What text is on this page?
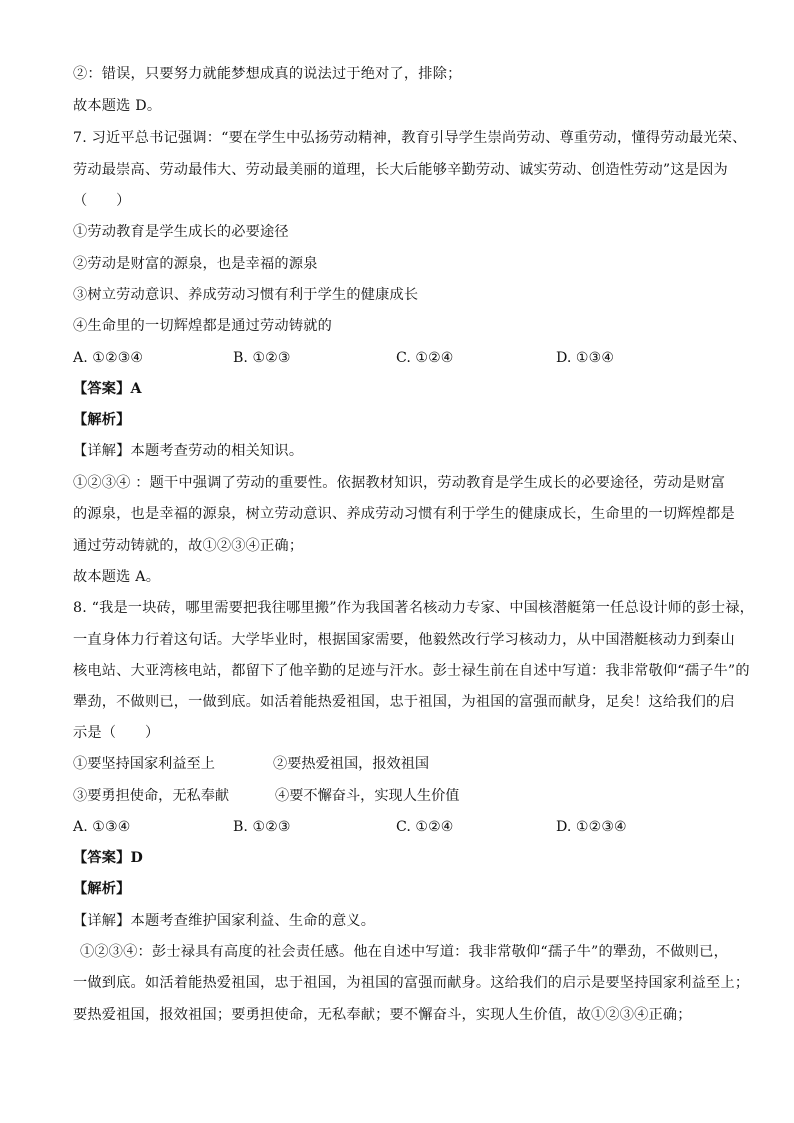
②：错误，只要努力就能梦想成真的说法过于绝对了，排除；
故本题选 D。
7. 习近平总书记强调：“要在学生中弘扬劳动精神，教育引导学生崇尚劳动、尊重劳动，懂得劳动最光荣、
劳动最崇高、劳动最伟大、劳动最美丽的道理，长大后能够辛勤劳动、诚实劳动、创造性劳动”这是因为
（　　）
①劳动教育是学生成长的必要途径
②劳动是财富的源泉，也是幸福的源泉
③树立劳动意识、养成劳动习惯有利于学生的健康成长
④生命里的一切辉煌都是通过劳动铸就的
A. ①②③④	B. ①②③	C. ①②④	D. ①③④
【答案】A
【解析】
【详解】本题考查劳动的相关知识。
①②③④ ：题干中强调了劳动的重要性。依据教材知识，劳动教育是学生成长的必要途径，劳动是财富
的源泉，也是幸福的源泉，树立劳动意识、养成劳动习惯有利于学生的健康成长，生命里的一切辉煌都是
通过劳动铸就的，故①②③④正确；
故本题选 A。
8. “我是一块砖，哪里需要把我往哪里搬”作为我国著名核动力专家、中国核潜艇第一任总设计师的彭士禄，
一直身体力行着这句话。大学毕业时，根据国家需要，他毅然改行学习核动力，从中国潜艇核动力到秦山
核电站、大亚湾核电站，都留下了他辛勤的足迹与汗水。彭士禄生前在自述中写道：我非常敬仰“孺子牛”的
犟劲，不做则已，一做到底。如活着能热爱祖国，忠于祖国，为祖国的富强而献身，足矣！这给我们的启
示是（　　）
①要坚持国家利益至上	②要热爱祖国，报效祖国
③要勇担使命，无私奉献	④要不懈奋斗，实现人生价值
A. ①③④	B. ①②③	C. ①②④	D. ①②③④
【答案】D
【解析】
【详解】本题考查维护国家利益、生命的意义。
①②③④：彭士禄具有高度的社会责任感。他在自述中写道：我非常敬仰“孺子牛”的犟劲，不做则已，
一做到底。如活着能热爱祖国，忠于祖国，为祖国的富强而献身。这给我们的启示是要坚持国家利益至上；
要热爱祖国，报效祖国；要勇担使命，无私奉献；要不懈奋斗，实现人生价值，故①②③④正确；
